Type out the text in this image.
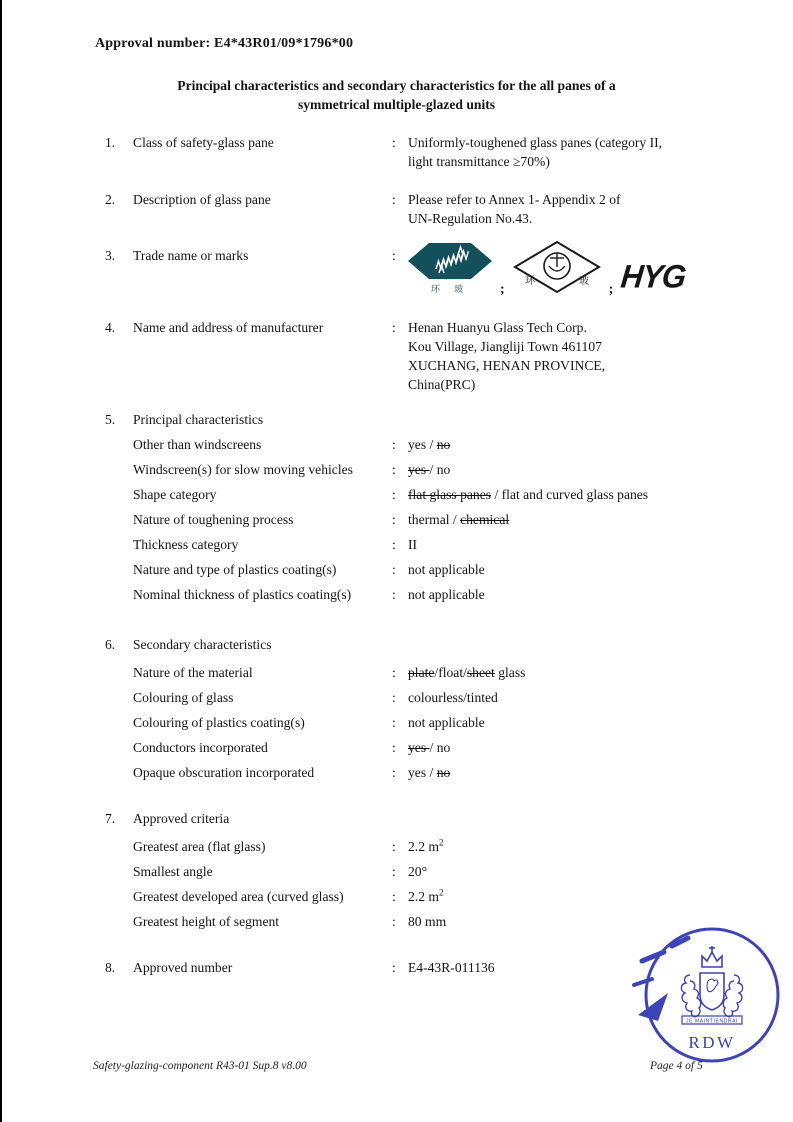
Approval number: E4*43R01/09*1796*00
Principal characteristics and secondary characteristics for the all panes of a
symmetrical multiple-glazed units
1.	Class of safety-glass pane	: Uniformly-toughened glass panes (category II,
light transmittance ≥70%)
2.	Description of glass pane	: Please refer to Annex 1- Appendix 2 of
UN-Regulation No.43.
3.	Trade name or marks	:
环 玻 ;
环	玻
; HYG
4.	Name and address of manufacturer	: Henan Huanyu Glass Tech Corp.
Kou Village, Jiangliji Town 461107
XUCHANG, HENAN PROVINCE,
China(PRC)
5.	Principal characteristics
Other than windscreens	: yes / no
Windscreen(s) for slow moving vehicles	: yes / no
Shape category	: flat glass panes / flat and curved glass panes
Nature of toughening process	: thermal / chemical
Thickness category	: II
Nature and type of plastics coating(s)	: not applicable
Nominal thickness of plastics coating(s)	: not applicable
6.	Secondary characteristics
Nature of the material	: plate/float/sheet glass
Colouring of glass	: colourless/tinted
Colouring of plastics coating(s)	: not applicable
Conductors incorporated	: yes / no
Opaque obscuration incorporated	: yes / no
7.	Approved criteria
Greatest area (flat glass)	: 2.2 $m^2$
Smallest angle	: 20°
Greatest developed area (curved glass)	: 2.2 $m^2$
Greatest height of segment	: 80 mm
8.	Approved number	: E4-43R-011136
JE MAINTIENDRAI
RDW
Safety-glazing-component R43-01 Sup.8 v8.00	Page 4 of 5
